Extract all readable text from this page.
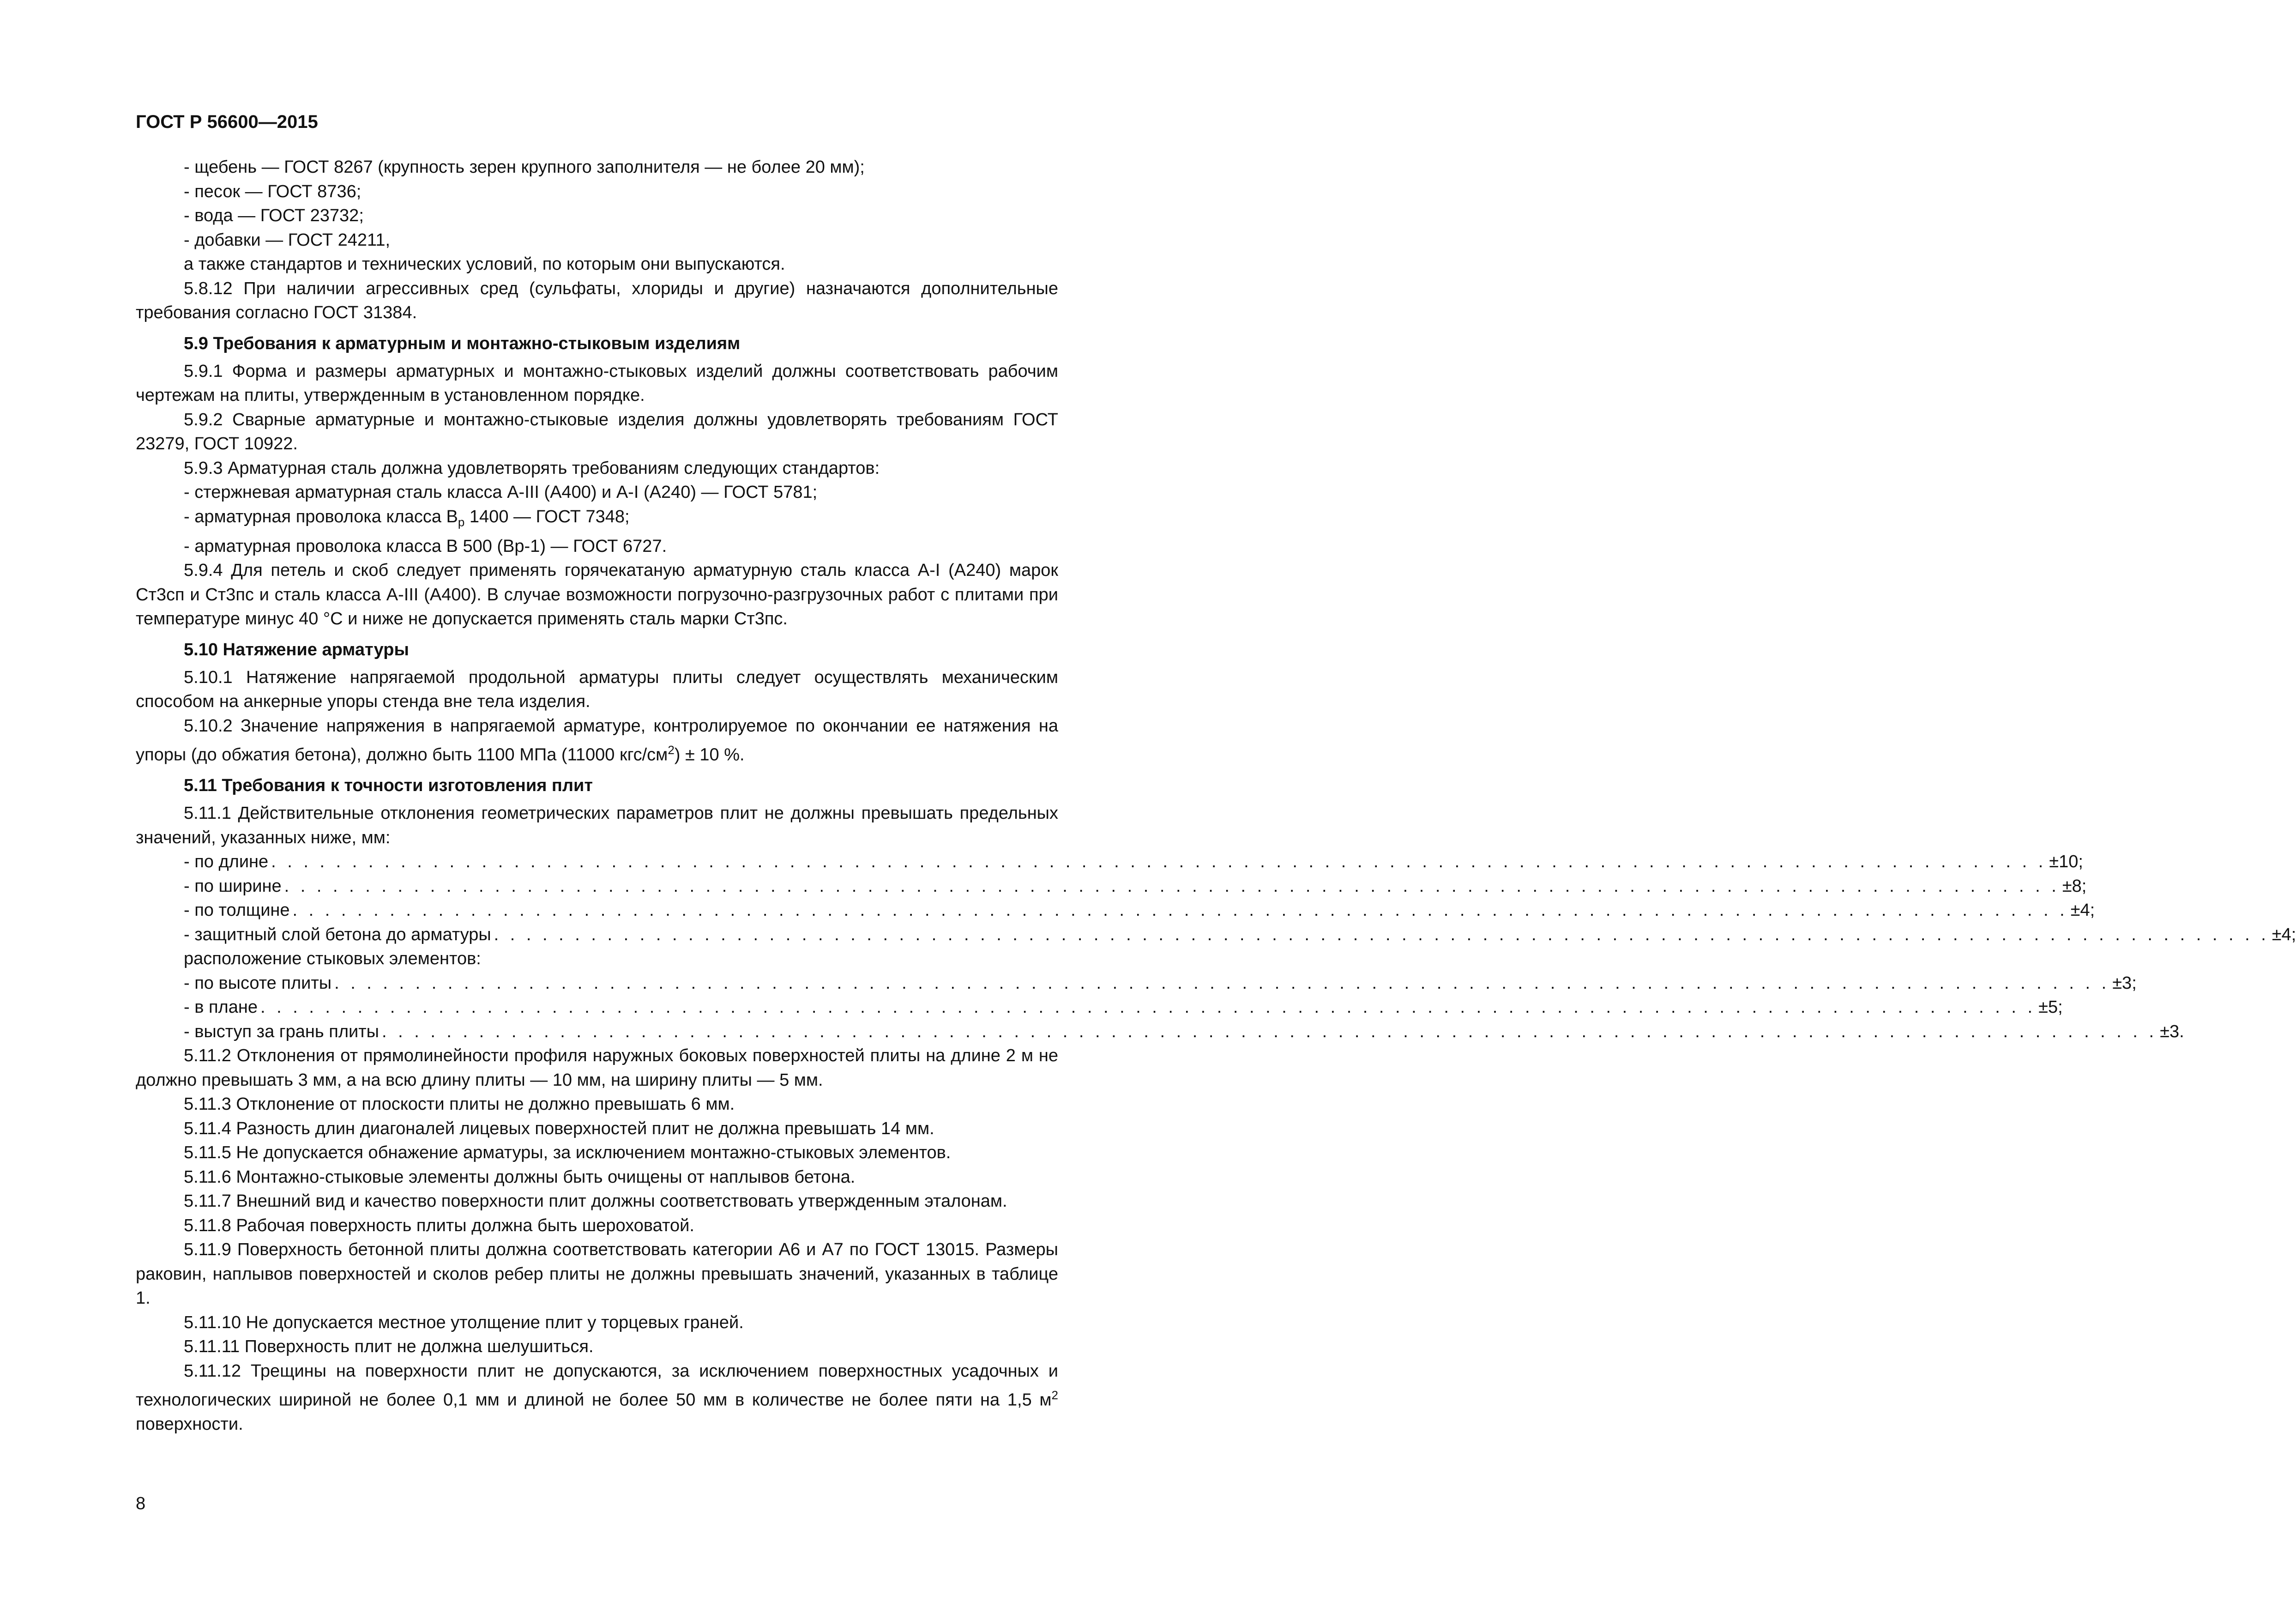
ГОСТ Р 56600—2015

- щебень — ГОСТ 8267 (крупность зерен крупного заполнителя — не более 20 мм);

- песок — ГОСТ 8736;

- вода — ГОСТ 23732;

- добавки — ГОСТ 24211,

а также стандартов и технических условий, по которым они выпускаются.

5.8.12 При наличии агрессивных сред (сульфаты, хлориды и другие) назначаются дополнительные требования согласно ГОСТ 31384.

5.9 Требования к арматурным и монтажно-стыковым изделиям

5.9.1 Форма и размеры арматурных и монтажно-стыковых изделий должны соответствовать рабочим чертежам на плиты, утвержденным в установленном порядке.

5.9.2 Сварные арматурные и монтажно-стыковые изделия должны удовлетворять требованиям ГОСТ 23279, ГОСТ 10922.

5.9.3 Арматурная сталь должна удовлетворять требованиям следующих стандартов:

- стержневая арматурная сталь класса А-III (А400) и А-I (А240) — ГОСТ 5781;

- арматурная проволока класса $В_р$ 1400 — ГОСТ 7348;

- арматурная проволока класса В 500 (Вр-1) — ГОСТ 6727.

5.9.4 Для петель и скоб следует применять горячекатаную арматурную сталь класса А-I (А240) марок Ст3сп и Ст3пс и сталь класса А-III (А400). В случае возможности погрузочно-разгрузочных работ с плитами при температуре минус 40 °С и ниже не допускается применять сталь марки Ст3пс.

5.10 Натяжение арматуры

5.10.1 Натяжение напрягаемой продольной арматуры плиты следует осуществлять механическим способом на анкерные упоры стенда вне тела изделия.

5.10.2 Значение напряжения в напрягаемой арматуре, контролируемое по окончании ее натяжения на упоры (до обжатия бетона), должно быть 1100 МПа (11000 кгс/$см^2) \pm 10$ %.

5.11 Требования к точности изготовления плит

5.11.1 Действительные отклонения геометрических параметров плит не должны превышать предельных значений, указанных ниже, мм:

- по длине . . . . . . . . . . . . . . . . . . . . . . . . . . . . . . . . . . . . . . . . . . . . . . . . . . . . . . . . . . . . . . . . . . . . . . . . . . . . . . . . . . . . . . . . . . . . . . . . . . . . . . . . . . . . . . ±10;
- по ширине . . . . . . . . . . . . . . . . . . . . . . . . . . . . . . . . . . . . . . . . . . . . . . . . . . . . . . . . . . . . . . . . . . . . . . . . . . . . . . . . . . . . . . . . . . . . . . . . . . . . . . . . . . . . . . ±8;
- по толщине . . . . . . . . . . . . . . . . . . . . . . . . . . . . . . . . . . . . . . . . . . . . . . . . . . . . . . . . . . . . . . . . . . . . . . . . . . . . . . . . . . . . . . . . . . . . . . . . . . . . . . . . . . . . . . ±4;
- защитный слой бетона до арматуры . . . . . . . . . . . . . . . . . . . . . . . . . . . . . . . . . . . . . . . . . . . . . . . . . . . . . . . . . . . . . . . . . . . . . . . . . . . . . . . . . . . . . . . . . . . . . . . . . . . . . . . . . . . . . . ±4;
расположение стыковых элементов:
- по высоте плиты . . . . . . . . . . . . . . . . . . . . . . . . . . . . . . . . . . . . . . . . . . . . . . . . . . . . . . . . . . . . . . . . . . . . . . . . . . . . . . . . . . . . . . . . . . . . . . . . . . . . . . . . . . . . . . ±3;
- в плане . . . . . . . . . . . . . . . . . . . . . . . . . . . . . . . . . . . . . . . . . . . . . . . . . . . . . . . . . . . . . . . . . . . . . . . . . . . . . . . . . . . . . . . . . . . . . . . . . . . . . . . . . . . . . . ±5;
- выступ за грань плиты . . . . . . . . . . . . . . . . . . . . . . . . . . . . . . . . . . . . . . . . . . . . . . . . . . . . . . . . . . . . . . . . . . . . . . . . . . . . . . . . . . . . . . . . . . . . . . . . . . . . . . . . . . . . . . ±3.

5.11.2 Отклонения от прямолинейности профиля наружных боковых поверхностей плиты на длине 2 м не должно превышать 3 мм, а на всю длину плиты — 10 мм, на ширину плиты — 5 мм.

5.11.3 Отклонение от плоскости плиты не должно превышать 6 мм.

5.11.4 Разность длин диагоналей лицевых поверхностей плит не должна превышать 14 мм.

5.11.5 Не допускается обнажение арматуры, за исключением монтажно-стыковых элементов.

5.11.6 Монтажно-стыковые элементы должны быть очищены от наплывов бетона.

5.11.7 Внешний вид и качество поверхности плит должны соответствовать утвержденным эталонам.

5.11.8 Рабочая поверхность плиты должна быть шероховатой.

5.11.9 Поверхность бетонной плиты должна соответствовать категории А6 и А7 по ГОСТ 13015. Размеры раковин, наплывов поверхностей и сколов ребер плиты не должны превышать значений, указанных в таблице 1.

5.11.10 Не допускается местное утолщение плит у торцевых граней.

5.11.11 Поверхность плит не должна шелушиться.

5.11.12 Трещины на поверхности плит не допускаются, за исключением поверхностных усадочных и технологических шириной не более 0,1 мм и длиной не более 50 мм в количестве не более пяти на 1,5 $м^2$ поверхности.

8
